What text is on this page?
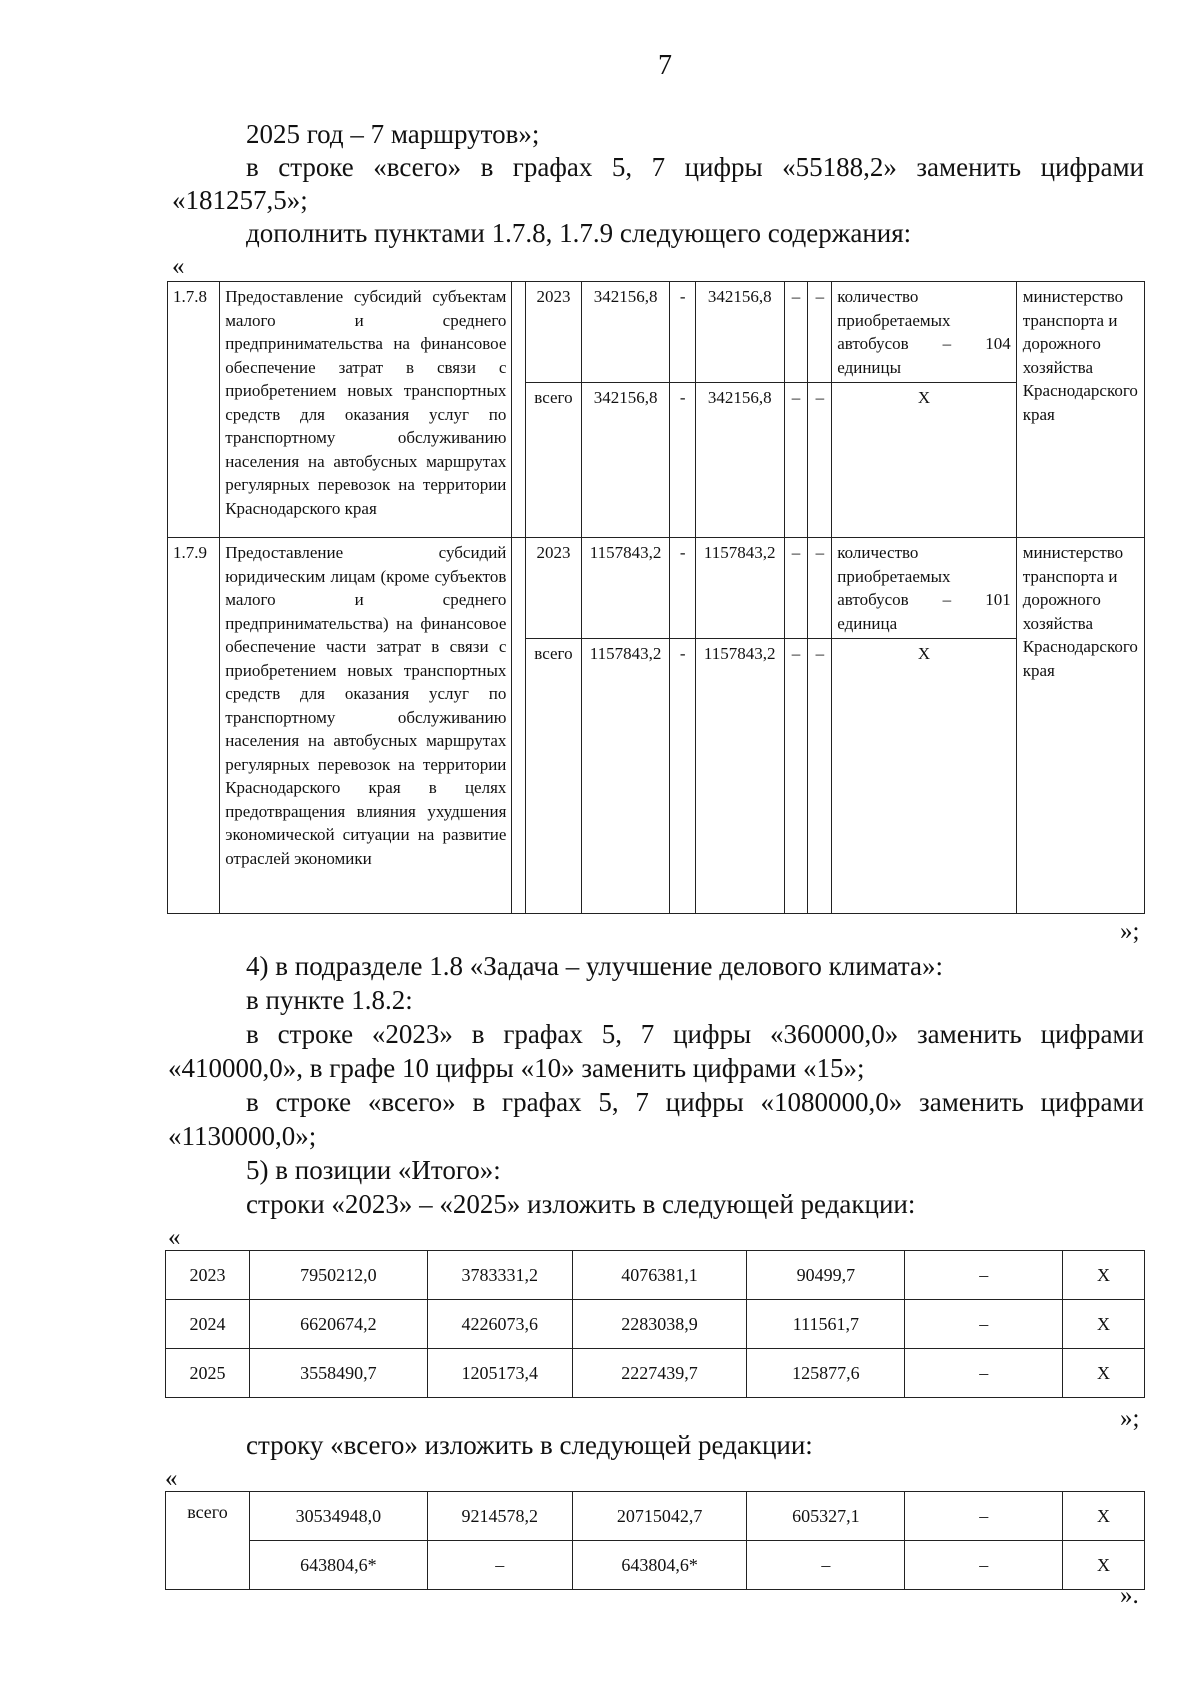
7
2025 год – 7 маршрутов»;
в строке «всего» в графах 5, 7 цифры «55188,2» заменить цифрами
«181257,5»;
дополнить пунктами 1.7.8, 1.7.9 следующего содержания:
«
1.7.8	Предоставление субсидий субъектам малого и среднего предпринимательства на финансовое обеспечение затрат в связи с приобретением новых транспортных средств для оказания услуг по транспортному обслуживанию населения на автобусных маршрутах регулярных перевозок на территории Краснодарского края		2023	342156,8	-	342156,8	–	–	количество приобретаемых автобусов – 104 единицы	министерство транспорта и дорожного хозяйства Краснодарского края
			всего	342156,8	-	342156,8	–	–	Х	
1.7.9	Предоставление субсидий юридическим лицам (кроме субъектов малого и среднего предпринимательства) на финансовое обеспечение части затрат в связи с приобретением новых транспортных средств для оказания услуг по транспортному обслуживанию населения на автобусных маршрутах регулярных перевозок на территории Краснодарского края в целях предотвращения влияния ухудшения экономической ситуации на развитие отраслей экономики		2023	1157843,2	-	1157843,2	–	–	количество приобретаемых автобусов – 101 единица	министерство транспорта и дорожного хозяйства Краснодарского края
			всего	1157843,2	-	1157843,2	–	–	Х	
»;
4) в подразделе 1.8 «Задача – улучшение делового климата»:
в пункте 1.8.2:
в строке «2023» в графах 5, 7 цифры «360000,0» заменить цифрами
«410000,0», в графе 10 цифры «10» заменить цифрами «15»;
в строке «всего» в графах 5, 7 цифры «1080000,0» заменить цифрами
«1130000,0»;
5) в позиции «Итого»:
строки «2023» – «2025» изложить в следующей редакции:
«
2023	7950212,0	3783331,2	4076381,1	90499,7	–	Х
2024	6620674,2	4226073,6	2283038,9	111561,7	–	Х
2025	3558490,7	1205173,4	2227439,7	125877,6	–	Х
»;
строку «всего» изложить в следующей редакции:
«
всего	30534948,0	9214578,2	20715042,7	605327,1	–	Х
	643804,6*	–	643804,6*	–	–	Х
».
